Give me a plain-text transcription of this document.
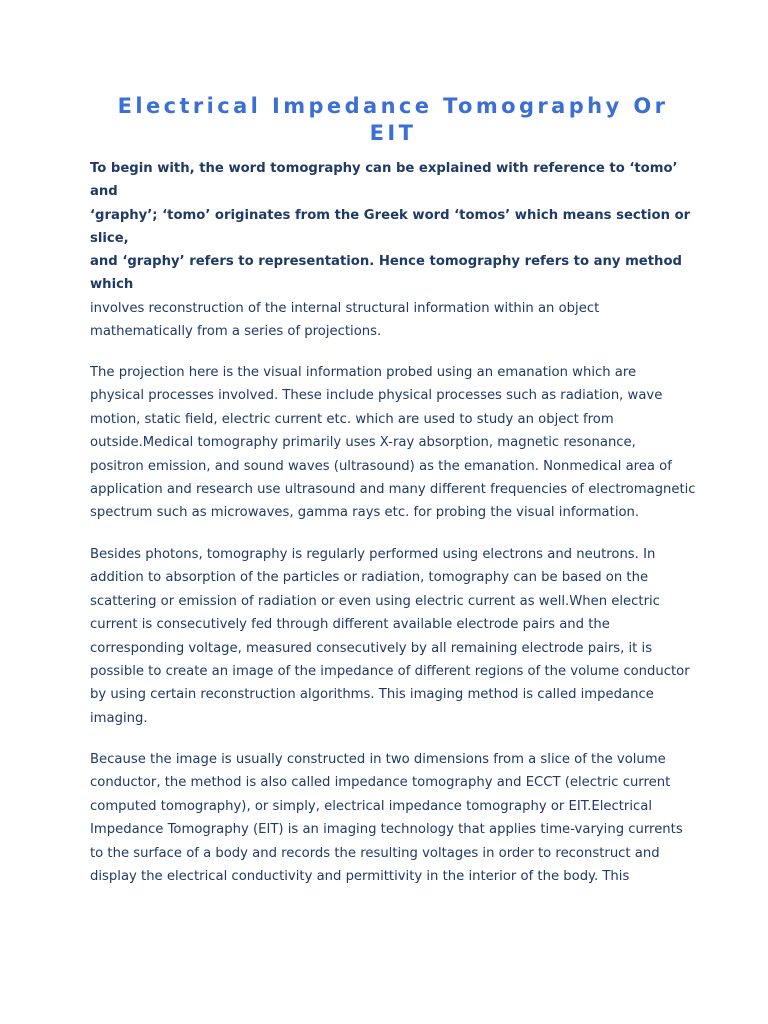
Electrical Impedance Tomography Or
EIT
To begin with, the word tomography can be explained with reference to ‘tomo’
and
‘graphy’; ‘tomo’ originates from the Greek word ‘tomos’ which means section or
slice,
and ‘graphy’ refers to representation. Hence tomography refers to any method
which
involves reconstruction of the internal structural information within an object
mathematically from a series of projections.
The projection here is the visual information probed using an emanation which are
physical processes involved. These include physical processes such as radiation, wave
motion, static field, electric current etc. which are used to study an object from
outside.Medical tomography primarily uses X-ray absorption, magnetic resonance,
positron emission, and sound waves (ultrasound) as the emanation. Nonmedical area of
application and research use ultrasound and many different frequencies of electromagnetic
spectrum such as microwaves, gamma rays etc. for probing the visual information.
Besides photons, tomography is regularly performed using electrons and neutrons. In
addition to absorption of the particles or radiation, tomography can be based on the
scattering or emission of radiation or even using electric current as well.When electric
current is consecutively fed through different available electrode pairs and the
corresponding voltage, measured consecutively by all remaining electrode pairs, it is
possible to create an image of the impedance of different regions of the volume conductor
by using certain reconstruction algorithms. This imaging method is called impedance
imaging.
Because the image is usually constructed in two dimensions from a slice of the volume
conductor, the method is also called impedance tomography and ECCT (electric current
computed tomography), or simply, electrical impedance tomography or EIT.Electrical
Impedance Tomography (EIT) is an imaging technology that applies time-varying currents
to the surface of a body and records the resulting voltages in order to reconstruct and
display the electrical conductivity and permittivity in the interior of the body. This
